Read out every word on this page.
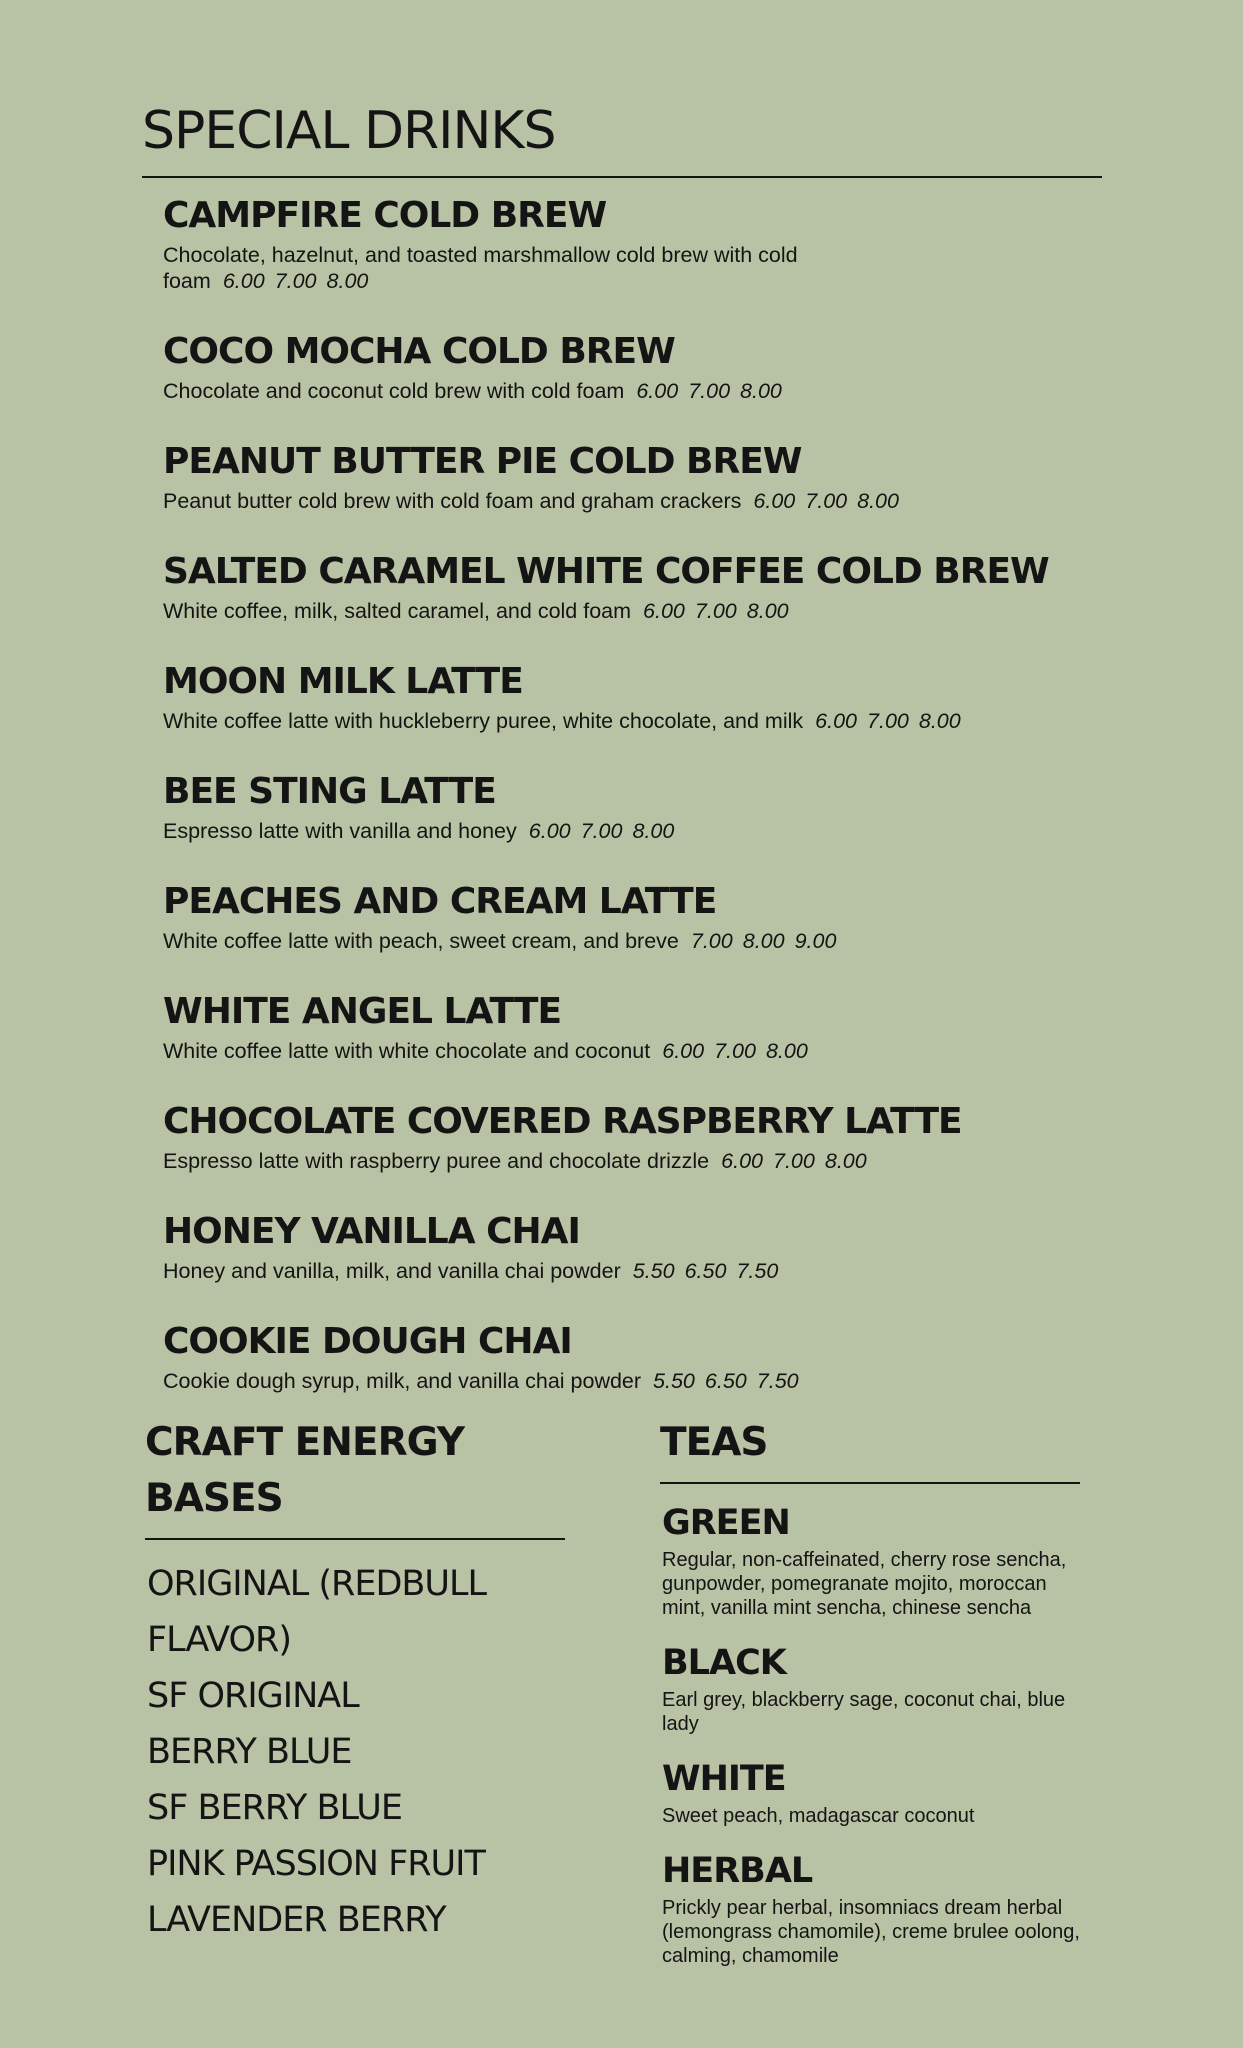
SPECIAL DRINKS
CAMPFIRE COLD BREW

Chocolate, hazelnut, and toasted marshmallow cold brew with cold
foam 6.00 7.00 8.00

COCO MOCHA COLD BREW

Chocolate and coconut cold brew with cold foam 6.00 7.00 8.00

PEANUT BUTTER PIE COLD BREW

Peanut butter cold brew with cold foam and graham crackers 6.00 7.00 8.00

SALTED CARAMEL WHITE COFFEE COLD BREW

White coffee, milk, salted caramel, and cold foam 6.00 7.00 8.00

MOON MILK LATTE

White coffee latte with huckleberry puree, white chocolate, and milk 6.00 7.00 8.00

BEE STING LATTE

Espresso latte with vanilla and honey 6.00 7.00 8.00

PEACHES AND CREAM LATTE

White coffee latte with peach, sweet cream, and breve 7.00 8.00 9.00

WHITE ANGEL LATTE

White coffee latte with white chocolate and coconut 6.00 7.00 8.00

CHOCOLATE COVERED RASPBERRY LATTE

Espresso latte with raspberry puree and chocolate drizzle 6.00 7.00 8.00

HONEY VANILLA CHAI

Honey and vanilla, milk, and vanilla chai powder 5.50 6.50 7.50

COOKIE DOUGH CHAI

Cookie dough syrup, milk, and vanilla chai powder 5.50 6.50 7.50

CRAFT ENERGY BASES
ORIGINAL (REDBULL FLAVOR)
SF ORIGINAL
BERRY BLUE
SF BERRY BLUE
PINK PASSION FRUIT
LAVENDER BERRY
TEAS
GREEN

Regular, non-caffeinated, cherry rose sencha, gunpowder, pomegranate mojito, moroccan mint, vanilla mint sencha, chinese sencha

BLACK

Earl grey, blackberry sage, coconut chai, blue lady

WHITE

Sweet peach, madagascar coconut

HERBAL

Prickly pear herbal, insomniacs dream herbal (lemongrass chamomile), creme brulee oolong, calming, chamomile
